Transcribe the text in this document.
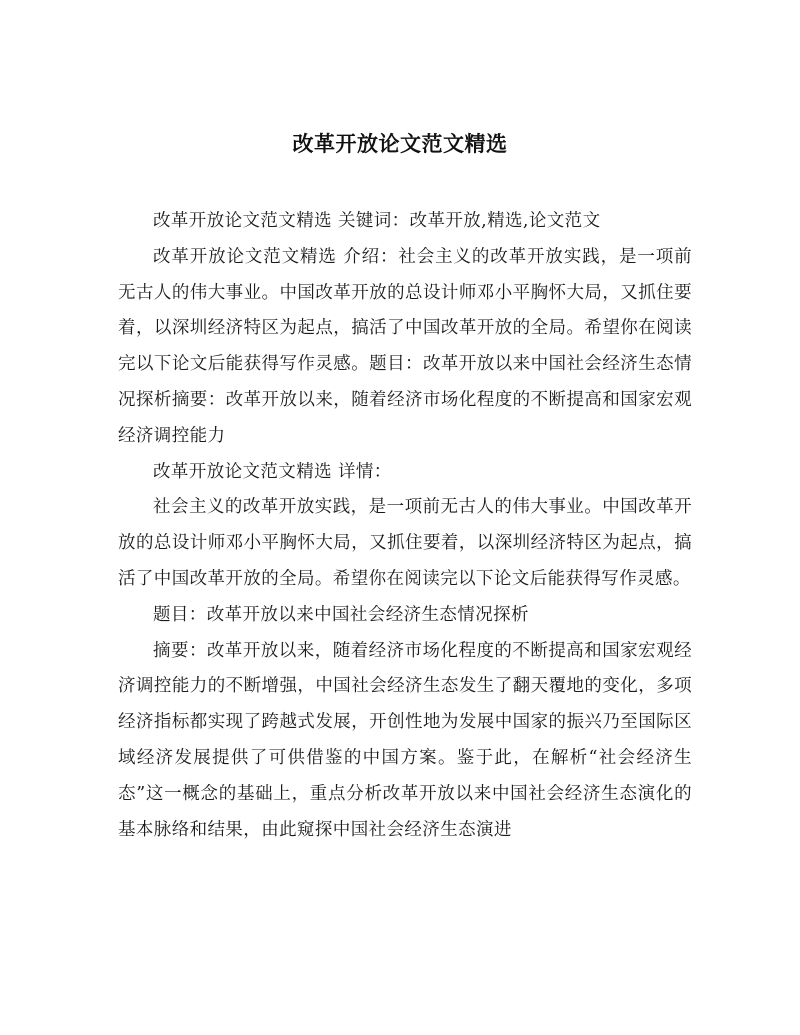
改革开放论文范文精选

改革开放论文范文精选 关键词：改革开放,精选,论文范文

改革开放论文范文精选 介绍：社会主义的改革开放实践，是一项前无古人的伟大事业。中国改革开放的总设计师邓小平胸怀大局，又抓住要着，以深圳经济特区为起点，搞活了中国改革开放的全局。希望你在阅读完以下论文后能获得写作灵感。题目：改革开放以来中国社会经济生态情况探析摘要：改革开放以来，随着经济市场化程度的不断提高和国家宏观经济调控能力

改革开放论文范文精选 详情：

社会主义的改革开放实践，是一项前无古人的伟大事业。中国改革开放的总设计师邓小平胸怀大局，又抓住要着，以深圳经济特区为起点，搞活了中国改革开放的全局。希望你在阅读完以下论文后能获得写作灵感。

题目：改革开放以来中国社会经济生态情况探析

摘要：改革开放以来，随着经济市场化程度的不断提高和国家宏观经济调控能力的不断增强，中国社会经济生态发生了翻天覆地的变化，多项经济指标都实现了跨越式发展，开创性地为发展中国家的振兴乃至国际区域经济发展提供了可供借鉴的中国方案。鉴于此，在解析“社会经济生态”这一概念的基础上，重点分析改革开放以来中国社会经济生态演化的基本脉络和结果，由此窥探中国社会经济生态演进
